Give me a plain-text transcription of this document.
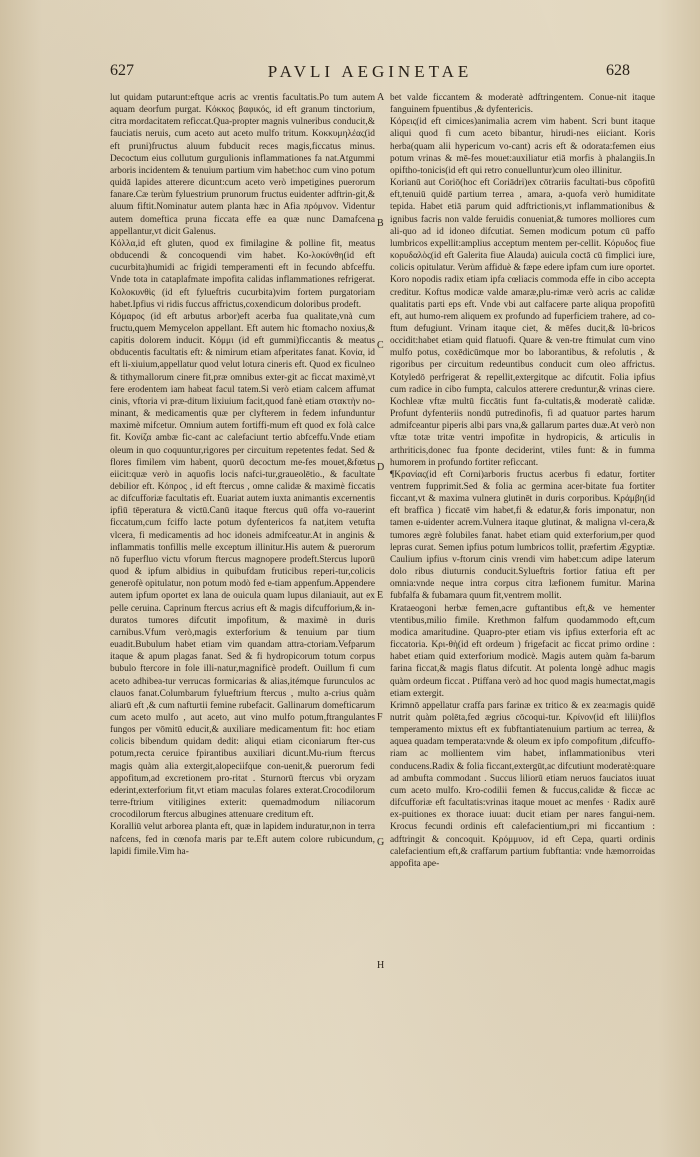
627	PAVLI AEGINETAE	628
lut quidam putarunt:eftque acris ac vrentis facultatis.Po tum autem aquam deorfum purgat. Κόκκος βαφικός, id eft granum tinctorium, citra mordacitatem reficcat.Qua-propter magnis vulneribus conducit,& fauciatis neruis, cum aceto aut aceto mulfo tritum. Κοκκυμηλέας(id eft pruni)fructus aluum fubducit reces magis,ficcatus minus. Decoctum eius collutum gurgulionis inflammationes fa nat.Atgummi arboris incidentem & tenuium partium vim habet:hoc cum vino potum quidā lapides atterere dicunt:cum aceto verò impetigines puerorum fanare.Cæ terùm fyluestrium prunorum fructus euidenter adftrin-git,& aluum fiftit.Nominatur autem planta hæc in Afia πρόμνον. Videntur autem domeftica pruna ficcata effe ea quæ nunc Damafcena appellantur,vt dicit Galenus.
Κόλλα,id eft gluten, quod ex fimilagine & polline fit, meatus obducendi & concoquendi vim habet. Κο-λοκύνθη(id eft cucurbita)humidi ac frigidi temperamenti eft in fecundo abfceffu. Vnde tota in cataplafmate impofita calidas inflammationes refrigerat. Κολοκυνθὶς (id eft fylueftris cucurbita)vim fortem purgatoriam habet.Ipfius vi ridis fuccus affrictus,coxendicum doloribus prodeft.
Κόμαρος (id eft arbutus arbor)eft acerba fua qualitate,vnà cum fructu,quem Memycelon appellant. Eft autem hic ftomacho noxius,& capitis dolorem inducit. Κόμμι (id eft gummi)ficcantis & meatus obducentis facultatis eft: & nimirum etiam afperitates fanat. Κονία, id eft li-xiuium,appellatur quod velut lotura cineris eft. Quod ex ficulneo & tithymallorum cinere fit,præ omnibus exter-git ac ficcat maximè,vt fere erodentem iam habeat facul tatem.Si verò etiam calcem affumat cinis, vftoria vi præ-ditum lixiuium facit,quod fanè etiam στακτὴν no-minant, & medicamentis quæ per clyfterem in fedem infunduntur maximè mifcetur. Omnium autem fortiffi-mum eft quod ex folà calce fit. Κονίζα ambæ fic-cant ac calefaciunt tertio abfceffu.Vnde etiam oleum in quo coquuntur,rigores per circuitum repetentes fedat. Sed & flores fimilem vim habent, quorū decoctum me-fes mouet,&fœtus eiicit:quæ verò in aquofis locis nafci-tur,graueolētio., & facultate debilior eft. Κόπρος , id eft ftercus , omne calidæ & maximè ficcatis ac difcufforiæ facultatis eft. Euariat autem iuxta animantis excernentis ipfiū tēperatura & victū.Canū itaque ftercus quū offa vo-rauerint ficcatum,cum fciffo lacte potum dyfentericos fa nat,item vetufta vlcera, fi medicamentis ad hoc idoneis admifceatur.At in anginis & inflammatis tonfillis melle exceptum illinitur.His autem & puerorum nō fuperfluo victu vforum ftercus magnopere prodeft.Stercus luporū quod & ipfum albidius in quibufdam fruticibus reperi-tur,colicis generofè opitulatur, non potum modò fed e-tiam appenfum.Appendere autem ipfum oportet ex lana de ouicula quam lupus dilaniauit, aut ex pelle ceruina. Caprinum ftercus acrius eft & magis difcufforium,& in-duratos tumores difcutit impofitum, & maximè in duris carnibus.Vfum verò,magis exterforium & tenuium par tium euadit.Bubulum habet etiam vim quandam attra-ctoriam.Vefparum itaque & apum plagas fanat. Sed & fi hydropicorum totum corpus bubulo ftercore in fole illi-natur,magnificè prodeft. Ouillum fi cum aceto adhibea-tur verrucas formicarias & alias,itémque furunculos ac clauos fanat.Columbarum fylueftrium ftercus , multo a-crius quàm aliarū eft ,& cum nafturtii femine rubefacit. Gallinarum domefticarum cum aceto mulfo , aut aceto, aut vino mulfo potum,ftrangulantes fungos per vōmitū educit,& auxiliare medicamentum fit: hoc etiam colicis bibendum quidam dedit: aliqui etiam ciconiarum fter-cus potum,recta ceruice fpirantibus auxiliari dicunt.Mu-rium ftercus magis quàm alia extergit,alopeciifque con-uenit,& puerorum fedi appofitum,ad excretionem pro-ritat . Sturnorū ftercus vbi oryzam ederint,exterforium fit,vt etiam maculas folares exterat.Crocodilorum terre-ftrium vitiligines exterit: quemadmodum niliacorum crocodilorum ftercus albugines attenuare creditum eft.
Koralliū velut arborea planta eft, quæ in lapidem induratur,non in terra nafcens, fed in cœnofa maris par te.Eft autem colore rubicundum, lapidi fimile.Vim ha-
bet valde ficcantem & moderatè adftringentem. Conue-nit itaque fanguinem fpuentibus ,& dyfentericis.
Κόρεις(id eft cimices)animalia acrem vim habent. Scri bunt itaque aliqui quod fi cum aceto bibantur, hirudi-nes eiiciant. Koris herba(quam alii hypericum vo-cant) acris eft & odorata:femen eius potum vrinas & mē-fes mouet:auxiliatur etiā morfis à phalangiis.In opiftho-tonicis(id eft qui retro conuelluntur)cum oleo illinitur.
Korianū aut Coriō(hoc eft Coriādri)ex cōtrariis facultati-bus cōpofitū eft,tenuiū quidē partium terrea , amara, a-quofa verò humiditate tepida. Habet etiā parum quid adftrictionis,vt inflammationibus & ignibus facris non valde feruidis conueniat,& tumores molliores cum ali-quo ad id idoneo difcutiat. Semen modicum potum cū paffo lumbricos expellit:amplius acceptum mentem per-cellit. Κόρυδος fiue κορυδαλὸς(id eft Galerita fiue Alauda) auicula coctā cū fimplici iure, colicis opitulatur. Verùm affiduè & fæpe edere ipfam cum iure oportet. Koro nopodis radix etiam ipfa cœliacis commoda effe in cibo accepta creditur. Koftus modicæ valde amaræ,plu-rimæ verò acris ac calidæ qualitatis parti eps eft. Vnde vbi aut calfacere parte aliqua propofitū eft, aut humo-rem aliquem ex profundo ad fuperficiem trahere, ad co-ftum defugiunt. Vrinam itaque ciet, & mēfes ducit,& lū-bricos occidit:habet etiam quid flatuofi. Quare & ven-tre ftimulat cum vino mulfo potus, coxēdicūmque mor bo laborantibus, & refolutis , & rigoribus per circuitum redeuntibus conducit cum oleo affrictus. Kotyledō perfrigerat & repellit,extergitque ac difcutit. Folia ipfius cum radice in cibo fumpta, calculos atterere creduntur,& vrinas ciere. Kochleæ vftæ multū ficcātis funt fa-cultatis,& moderatè calidæ. Profunt dyfenteriis nondū putredinofis, fi ad quatuor partes harum admifceantur piperis albi pars vna,& gallarum partes duæ.At verò non vftæ totæ tritæ ventri impofitæ in hydropicis, & articulis in arthriticis,donec fua fponte deciderint, vtiles funt: & in fumma humorem in profundo fortiter reficcant.
¶Κρανίας(id eft Corni)arboris fructus acerbus fi edatur, fortiter ventrem fupprimit.Sed & folia ac germina acer-bitate fua fortiter ficcant,vt & maxima vulnera glutinēt in duris corporibus. Κράμβη(id eft braffica ) ficcatē vim habet,fi & edatur,& foris imponatur, non tamen e-uidenter acrem.Vulnera itaque glutinat, & maligna vl-cera,& tumores ægrè folubiles fanat. habet etiam quid exterforium,per quod lepras curat. Semen ipfius potum lumbricos tollit, præfertim Ægyptiæ. Caulium ipfius v-ftorum cinis vrendi vim habet:cum adipe laterum dolo ribus diuturnis conducit.Sylueftris fortior fatiua eft per omnia:vnde neque intra corpus citra læfionem fumitur. Marina fubfalfa & fubamara quum fit,ventrem mollit.
Krataeogoni herbæ femen,acre guftantibus eft,& ve hementer vtentibus,milio fimile. Krethmon falfum quodammodo eft,cum modica amaritudine. Quapro-pter etiam vis ipfius exterforia eft ac ficcatoria. Κρι-θὴ(id eft ordeum ) frigefacit ac ficcat primo ordine : habet etiam quid exterforium modicè. Magis autem quàm fa-barum farina ficcat,& magis flatus difcutit. At polenta longè adhuc magis quàm ordeum ficcat . Ptiffana verò ad hoc quod magis humectat,magis etiam extergit.
Krimnō appellatur craffa pars farinæ ex tritico & ex zea:magis quidē nutrit quàm polēta,fed ægrius cōcoqui-tur. Κρίνον(id eft lilii)flos temperamento mixtus eft ex fubftantiatenuium partium ac terrea, & aquea quadam temperata:vnde & oleum ex ipfo compofitum ,difcuffo-riam ac mollientem vim habet, inflammationibus vteri conducens.Radix & folia ficcant,extergūt,ac difcutiunt moderatè:quare ad ambufta commodant . Succus liliorū etiam neruos fauciatos iuuat cum aceto mulfo. Kro-codilii femen & fuccus,calidæ & ficcæ ac difcufforiæ eft facultatis:vrinas itaque mouet ac menfes · Radix aurē ex-puitiones ex thorace iuuat: ducit etiam per nares fangui-nem. Krocus fecundi ordinis eft calefacientium,pri mi ficcantium : adftringit & concoquit. Κρόμμυον, id eft Cepa, quarti ordinis calefacientium eft,& craffarum partium fubftantia: vnde hæmorroidas appofita ape-
A
B
C
D
E
F
G
H
